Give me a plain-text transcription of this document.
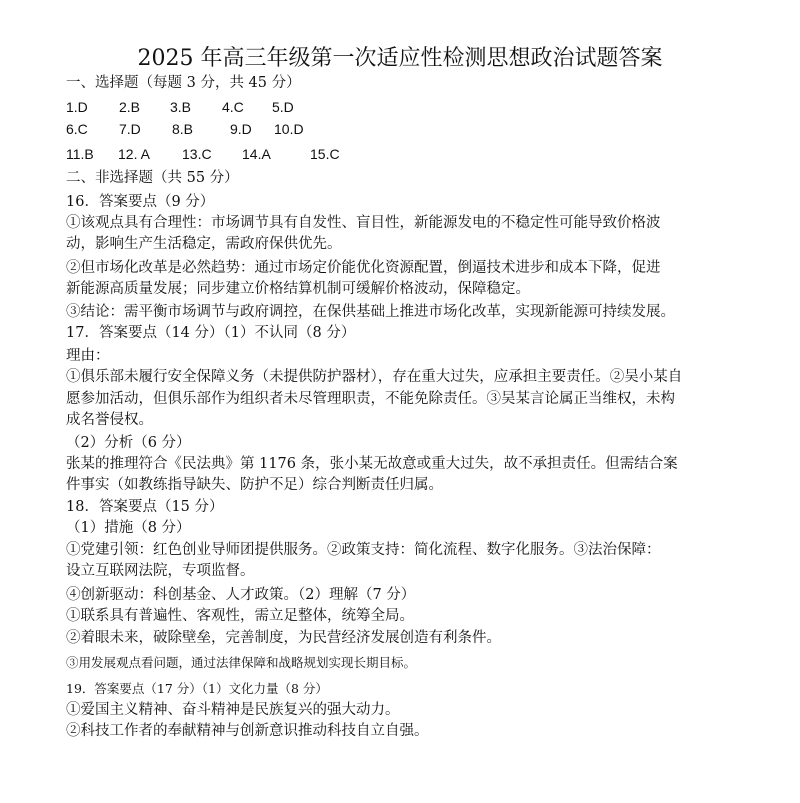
2025 年高三年级第一次适应性检测思想政治试题答案
一、选择题（每题 3 分，共 45 分）
1.D 2.B 3.B 4.C 5.D
6.C 7.D 8.B	9.D 10.D
11.B 12. A 13.C 14.A	15.C
二、非选择题（共 55 分）
16．答案要点（9 分）
①该观点具有合理性：市场调节具有自发性、盲目性，新能源发电的不稳定性可能导致价格波
动，影响生产生活稳定，需政府保供优先。
②但市场化改革是必然趋势：通过市场定价能优化资源配置，倒逼技术进步和成本下降，促进
新能源高质量发展；同步建立价格结算机制可缓解价格波动，保障稳定。
③结论：需平衡市场调节与政府调控，在保供基础上推进市场化改革，实现新能源可持续发展。
17．答案要点（14 分）（1）不认同（8 分）
理由：
①俱乐部未履行安全保障义务（未提供防护器材），存在重大过失，应承担主要责任。②吴小某自
愿参加活动，但俱乐部作为组织者未尽管理职责，不能免除责任。③吴某言论属正当维权，未构
成名誉侵权。
（2）分析（6 分）
张某的推理符合《民法典》第 1176 条，张小某无故意或重大过失，故不承担责任。但需结合案
件事实（如教练指导缺失、防护不足）综合判断责任归属。
18．答案要点（15 分）
（1）措施（8 分）
①党建引领：红色创业导师团提供服务。②政策支持：简化流程、数字化服务。③法治保障：
设立互联网法院，专项监督。
④创新驱动：科创基金、人才政策。（2）理解（7 分）
①联系具有普遍性、客观性，需立足整体，统筹全局。
②着眼未来，破除壁垒，完善制度，为民营经济发展创造有利条件。
③用发展观点看问题，通过法律保障和战略规划实现长期目标。
19．答案要点（17 分）（1）文化力量（8 分）
①爱国主义精神、奋斗精神是民族复兴的强大动力。
②科技工作者的奉献精神与创新意识推动科技自立自强。
